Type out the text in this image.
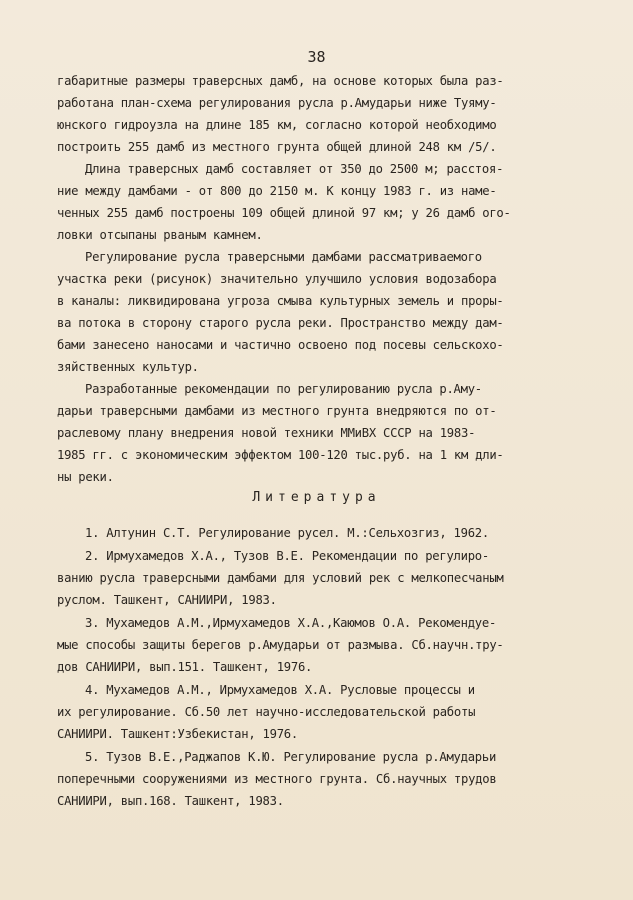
38
габаритные размеры траверсных дамб, на основе которых была раз-
работана план-схема регулирования русла р.Амударьи ниже Туяму-
юнского гидроузла на длине 185 км, согласно которой необходимо
построить 255 дамб из местного грунта общей длиной 248 км /5/.
Длина траверсных дамб составляет от 350 до 2500 м; расстоя-
ние между дамбами - от 800 до 2150 м. К концу 1983 г. из наме-
ченных 255 дамб построены 109 общей длиной 97 км; у 26 дамб ого-
ловки отсыпаны рваным камнем.
Регулирование русла траверсными дамбами рассматриваемого
участка реки (рисунок) значительно улучшило условия водозабора
в каналы: ликвидирована угроза смыва культурных земель и проры-
ва потока в сторону старого русла реки. Пространство между дам-
бами занесено наносами и частично освоено под посевы сельскохо-
зяйственных культур.
Разработанные рекомендации по регулированию русла р.Аму-
дарьи траверсными дамбами из местного грунта внедряются по от-
раслевому плану внедрения новой техники ММиВХ СССР на 1983-
1985 гг. с экономическим эффектом 100-120 тыс.руб. на 1 км дли-
ны реки.
Литература
1. Алтунин С.Т. Регулирование русел. М.:Сельхозгиз, 1962.
2. Ирмухамедов Х.А., Тузов В.Е. Рекомендации по регулиро-
ванию русла траверсными дамбами для условий рек с мелкопесчаным
руслом. Ташкент, САНИИРИ, 1983.
3. Мухамедов А.М.,Ирмухамедов Х.А.,Каюмов О.А. Рекомендуе-
мые способы защиты берегов р.Амударьи от размыва. Сб.научн.тру-
дов САНИИРИ, вып.151. Ташкент, 1976.
4. Мухамедов А.М., Ирмухамедов Х.А. Русловые процессы и
их регулирование. Сб.50 лет научно-исследовательской работы
САНИИРИ. Ташкент:Узбекистан, 1976.
5. Тузов В.Е.,Раджапов К.Ю. Регулирование русла р.Амударьи
поперечными сооружениями из местного грунта. Сб.научных трудов
САНИИРИ, вып.168. Ташкент, 1983.
